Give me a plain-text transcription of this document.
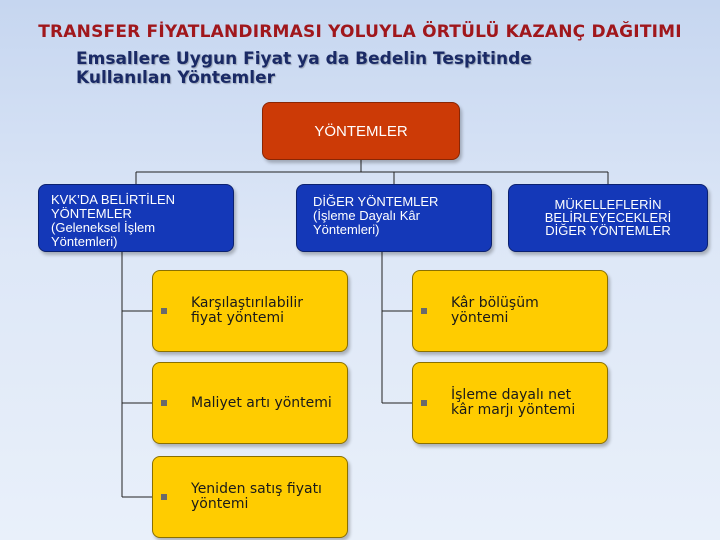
TRANSFER FİYATLANDIRMASI YOLUYLA ÖRTÜLÜ KAZANÇ DAĞITIMI
Emsallere Uygun Fiyat ya da Bedelin Tespitinde
Kullanılan Yöntemler
YÖNTEMLER
KVK’DA BELİRTİLEN
YÖNTEMLER
(Geleneksel İşlem
Yöntemleri)
DİĞER YÖNTEMLER
(İşleme Dayalı Kâr
Yöntemleri)
MÜKELLEFLERİN
BELİRLEYECEKLERİ
DİĞER YÖNTEMLER
Karşılaştırılabilir
fiyat yöntemi
Maliyet artı yöntemi
Yeniden satış fiyatı
yöntemi
Kâr bölüşüm
yöntemi
İşleme dayalı net
kâr marjı yöntemi
